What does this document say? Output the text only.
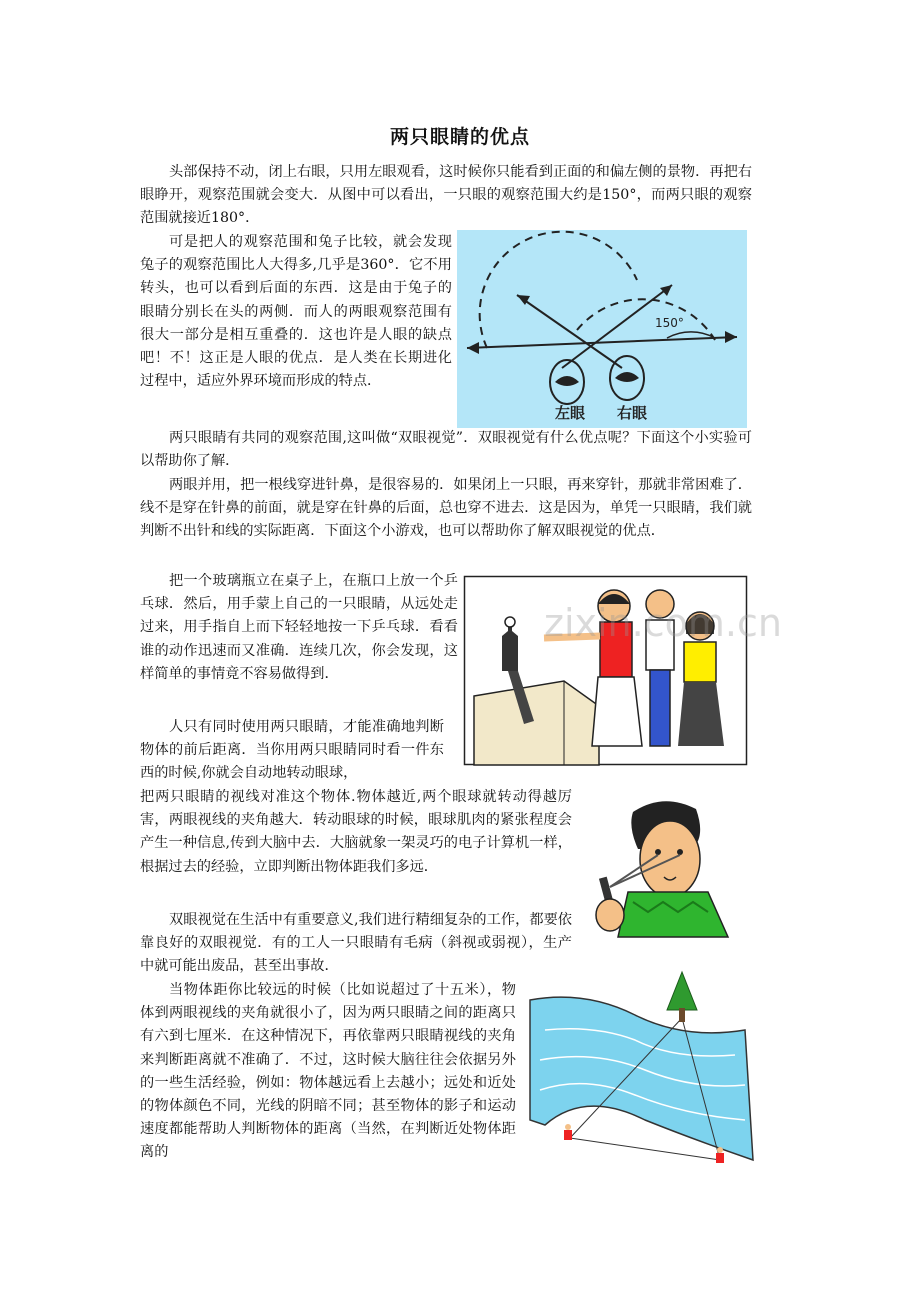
两只眼睛的优点
头部保持不动，闭上右眼，只用左眼观看，这时候你只能看到正面的和偏左侧的景物．再把右眼睁开，观察范围就会变大．从图中可以看出，一只眼的观察范围大约是150°，而两只眼的观察范围就接近180°．
可是把人的观察范围和兔子比较，就会发现兔子的观察范围比人大得多,几乎是360°．它不用转头，也可以看到后面的东西．这是由于兔子的眼睛分别长在头的两侧．而人的两眼观察范围有很大一部分是相互重叠的．这也许是人眼的缺点吧！不！这正是人眼的优点．是人类在长期进化过程中，适应外界环境而形成的特点．
两只眼睛有共同的观察范围,这叫做“双眼视觉”．双眼视觉有什么优点呢？下面这个小实验可以帮助你了解．
两眼并用，把一根线穿进针鼻，是很容易的．如果闭上一只眼，再来穿针，那就非常困难了．线不是穿在针鼻的前面，就是穿在针鼻的后面，总也穿不进去．这是因为，单凭一只眼睛，我们就判断不出针和线的实际距离．下面这个小游戏，也可以帮助你了解双眼视觉的优点．
把一个玻璃瓶立在桌子上，在瓶口上放一个乒乓球．然后，用手蒙上自己的一只眼睛，从远处走过来，用手指自上而下轻轻地按一下乒乓球．看看谁的动作迅速而又准确．连续几次，你会发现，这样简单的事情竟不容易做得到．
人只有同时使用两只眼睛，才能准确地判断物体的前后距离．当你用两只眼睛同时看一件东西的时候,你就会自动地转动眼球，
把两只眼睛的视线对准这个物体.物体越近,两个眼球就转动得越厉害，两眼视线的夹角越大．转动眼球的时候，眼球肌肉的紧张程度会产生一种信息,传到大脑中去．大脑就象一架灵巧的电子计算机一样，根据过去的经验，立即判断出物体距我们多远．
双眼视觉在生活中有重要意义,我们进行精细复杂的工作，都要依靠良好的双眼视觉．有的工人一只眼睛有毛病（斜视或弱视），生产中就可能出废品，甚至出事故．
当物体距你比较远的时候（比如说超过了十五米），物体到两眼视线的夹角就很小了，因为两只眼睛之间的距离只有六到七厘米．在这种情况下，再依靠两只眼睛视线的夹角来判断距离就不准确了．不过，这时候大脑往往会依据另外的一些生活经验，例如：物体越远看上去越小；远处和近处的物体颜色不同，光线的阴暗不同；甚至物体的影子和运动速度都能帮助人判断物体的距离（当然，在判断近处物体距离的
150°
左眼 右眼
zixin.com.cn
